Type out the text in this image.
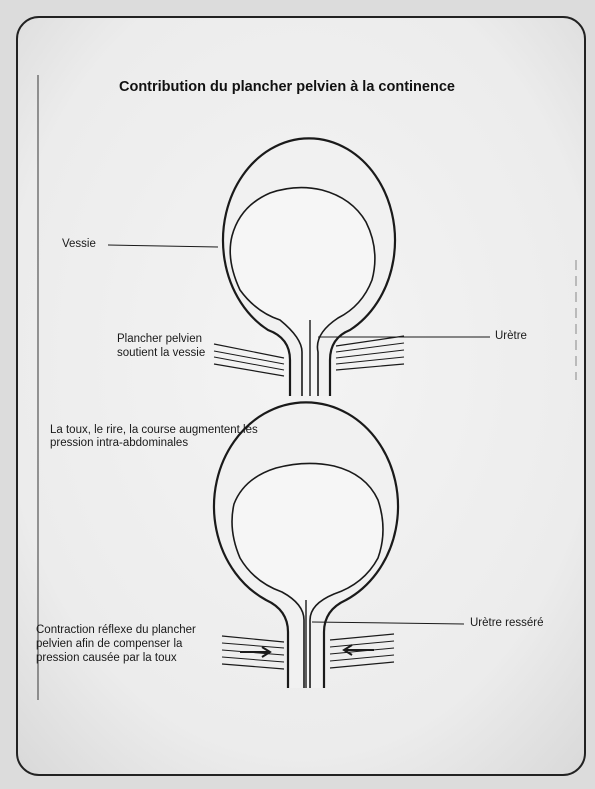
Contribution du plancher pelvien à la continence
Vessie
Plancher pelvien
soutient la vessie
Urètre
La toux, le rire, la course augmentent les
pression intra-abdominales
Contraction réflexe du plancher
pelvien afin de compenser la
pression causée par la toux
Urètre resséré
